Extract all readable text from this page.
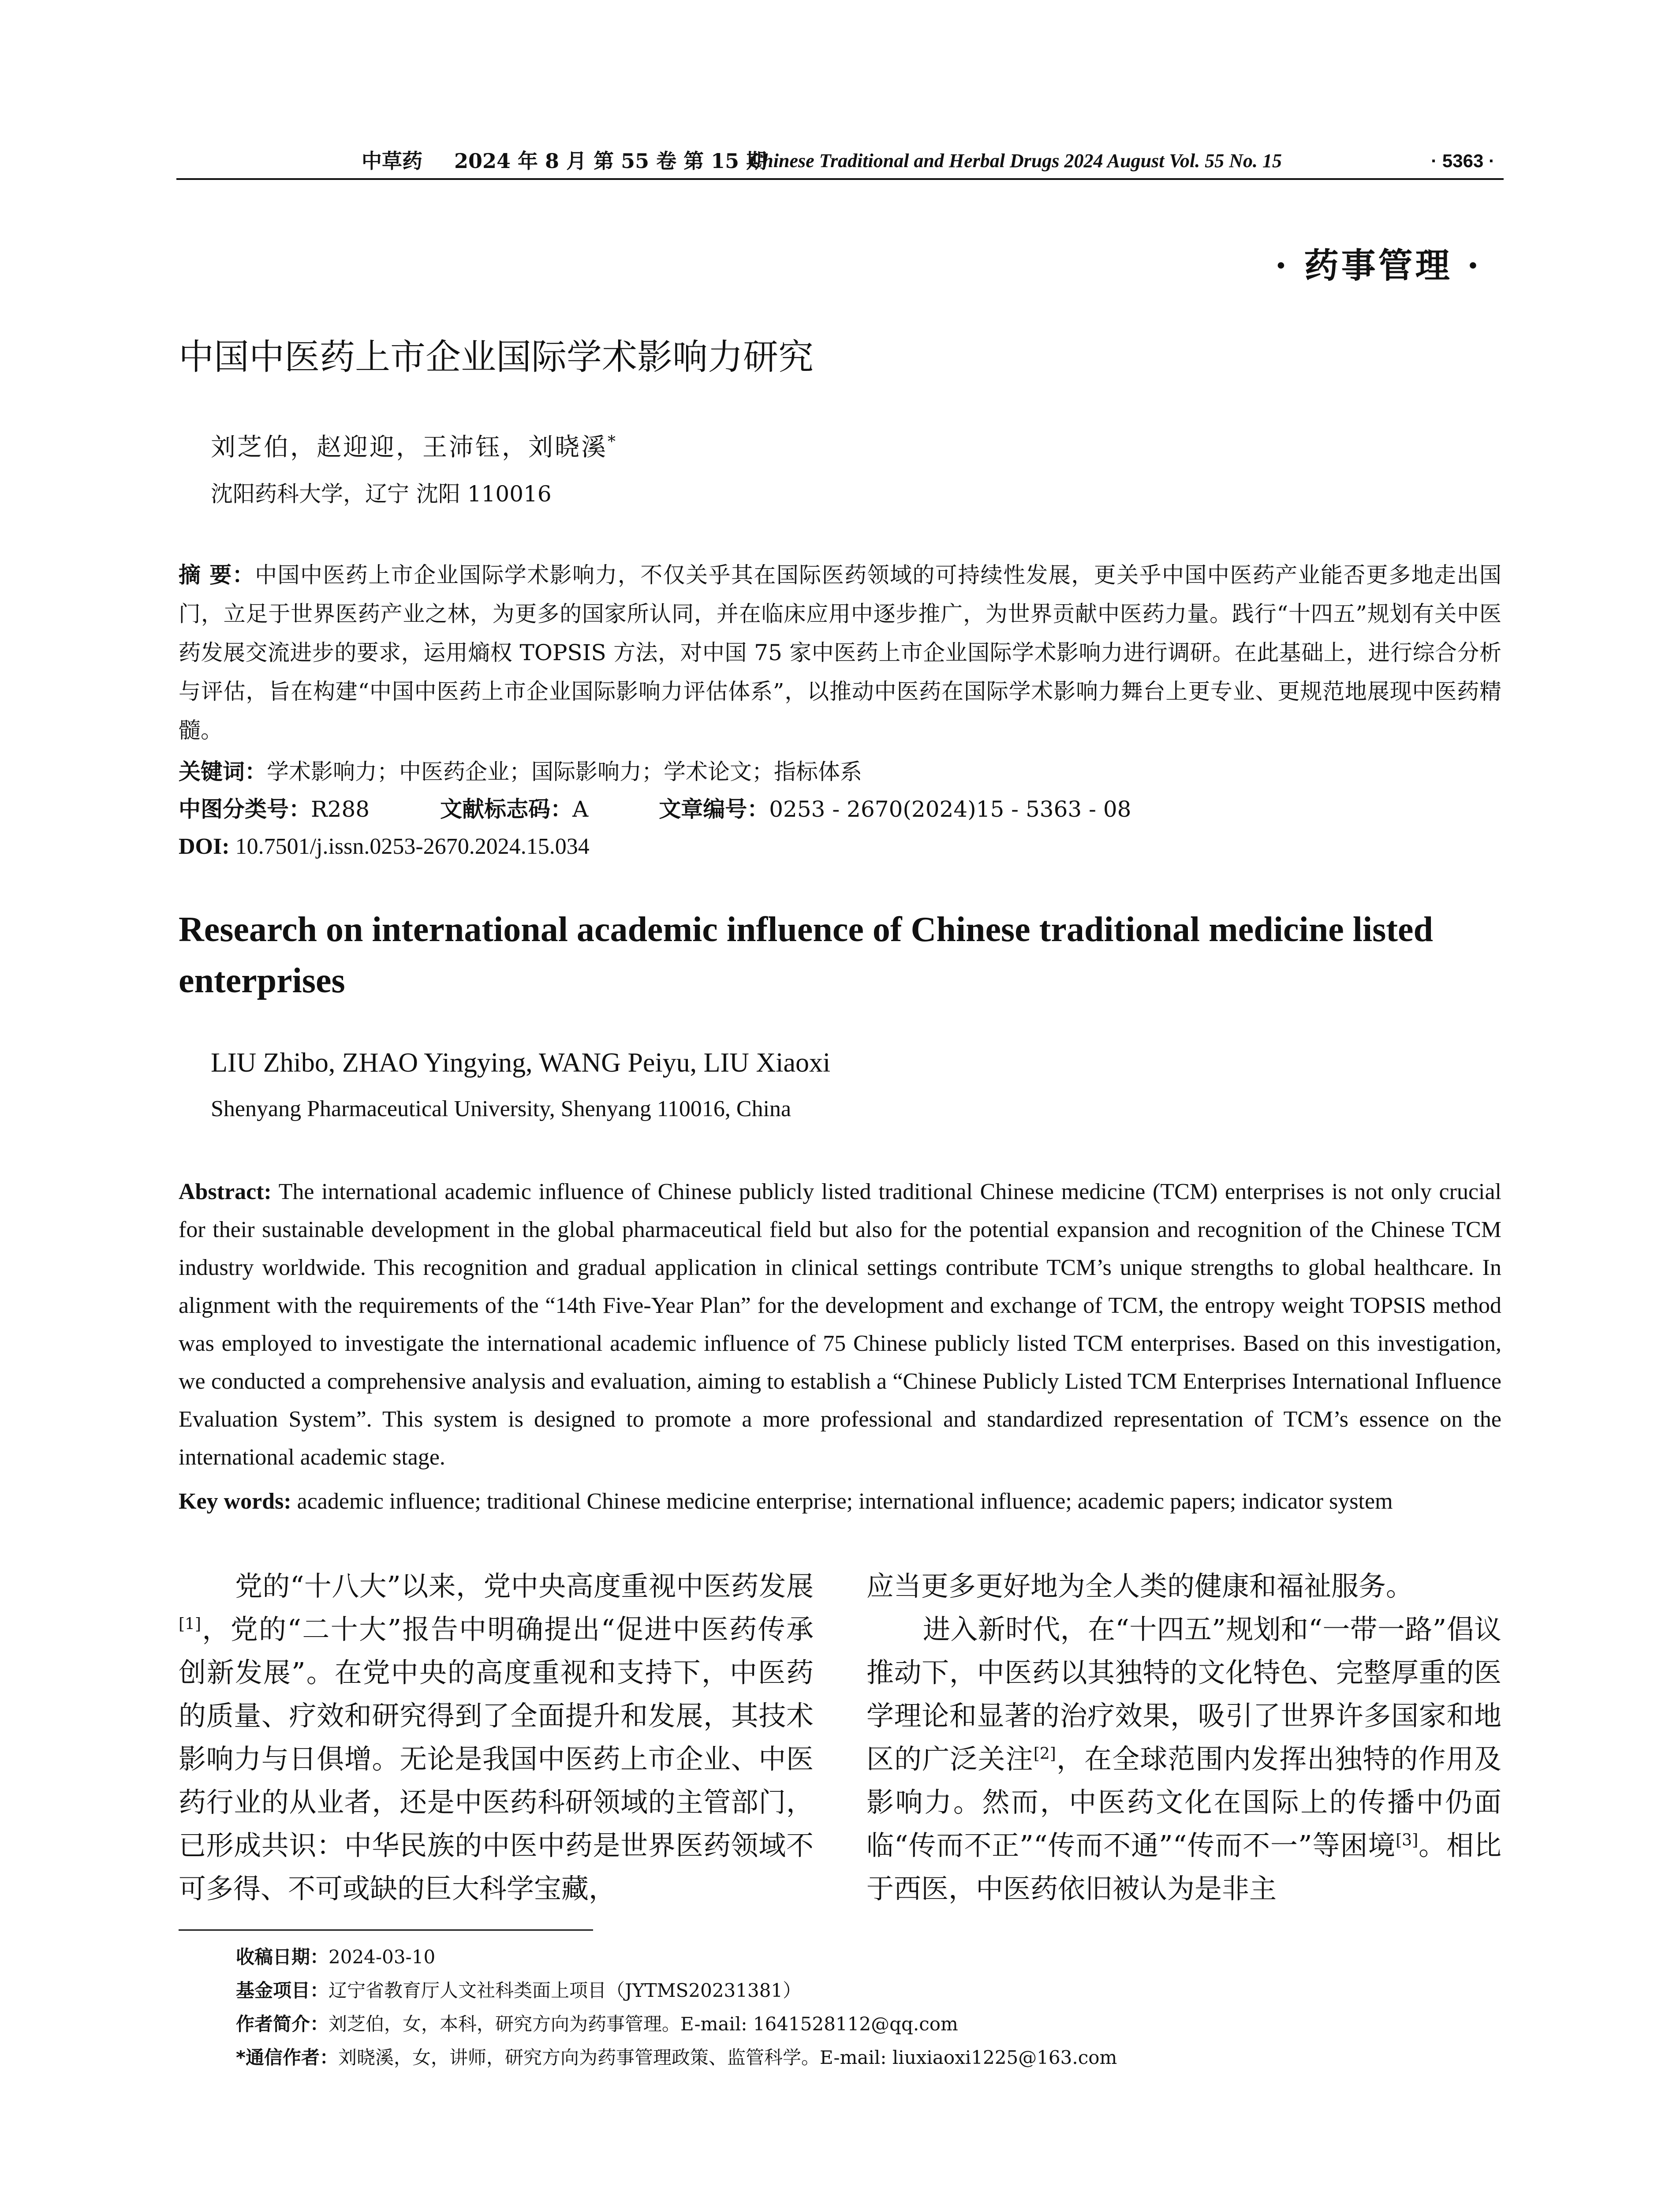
中草药 2024 年 8 月 第 55 卷 第 15 期
Chinese Traditional and Herbal Drugs 2024 August Vol. 55 No. 15	· 5363 ·
· 药事管理 ·
中国中医药上市企业国际学术影响力研究
刘芝伯，赵迎迎，王沛钰，刘晓溪*
沈阳药科大学，辽宁 沈阳 110016
摘 要：中国中医药上市企业国际学术影响力，不仅关乎其在国际医药领域的可持续性发展，更关乎中国中医药产业能否更多地走出国门，立足于世界医药产业之林，为更多的国家所认同，并在临床应用中逐步推广，为世界贡献中医药力量。践行“十四五”规划有关中医药发展交流进步的要求，运用熵权 TOPSIS 方法，对中国 75 家中医药上市企业国际学术影响力进行调研。在此基础上，进行综合分析与评估，旨在构建“中国中医药上市企业国际影响力评估体系”，以推动中医药在国际学术影响力舞台上更专业、更规范地展现中医药精髓。
关键词：学术影响力；中医药企业；国际影响力；学术论文；指标体系
中图分类号：R288	文献标志码：A	文章编号：0253 - 2670(2024)15 - 5363 - 08
DOI: 10.7501/j.issn.0253-2670.2024.15.034
Research on international academic influence of Chinese traditional medicine listed enterprises
LIU Zhibo, ZHAO Yingying, WANG Peiyu, LIU Xiaoxi
Shenyang Pharmaceutical University, Shenyang 110016, China
Abstract: The international academic influence of Chinese publicly listed traditional Chinese medicine (TCM) enterprises is not only crucial for their sustainable development in the global pharmaceutical field but also for the potential expansion and recognition of the Chinese TCM industry worldwide. This recognition and gradual application in clinical settings contribute TCM’s unique strengths to global healthcare. In alignment with the requirements of the “14th Five-Year Plan” for the development and exchange of TCM, the entropy weight TOPSIS method was employed to investigate the international academic influence of 75 Chinese publicly listed TCM enterprises. Based on this investigation, we conducted a comprehensive analysis and evaluation, aiming to establish a “Chinese Publicly Listed TCM Enterprises International Influence Evaluation System”. This system is designed to promote a more professional and standardized representation of TCM’s essence on the international academic stage.
Key words: academic influence; traditional Chinese medicine enterprise; international influence; academic papers; indicator system

党的“十八大”以来，党中央高度重视中医药发展[1]，党的“二十大”报告中明确提出“促进中医药传承创新发展”。在党中央的高度重视和支持下，中医药的质量、疗效和研究得到了全面提升和发展，其技术影响力与日俱增。无论是我国中医药上市企业、中医药行业的从业者，还是中医药科研领域的主管部门，已形成共识：中华民族的中医中药是世界医药领域不可多得、不可或缺的巨大科学宝藏，

应当更多更好地为全人类的健康和福祉服务。

进入新时代，在“十四五”规划和“一带一路”倡议推动下，中医药以其独特的文化特色、完整厚重的医学理论和显著的治疗效果，吸引了世界许多国家和地区的广泛关注[2]，在全球范围内发挥出独特的作用及影响力。然而，中医药文化在国际上的传播中仍面临“传而不正”“传而不通”“传而不一”等困境[3]。相比于西医，中医药依旧被认为是非主

收稿日期：2024-03-10
基金项目：辽宁省教育厅人文社科类面上项目（JYTMS20231381）
作者简介：刘芝伯，女，本科，研究方向为药事管理。E-mail: 1641528112@qq.com
*通信作者：刘晓溪，女，讲师，研究方向为药事管理政策、监管科学。E-mail: liuxiaoxi1225@163.com
